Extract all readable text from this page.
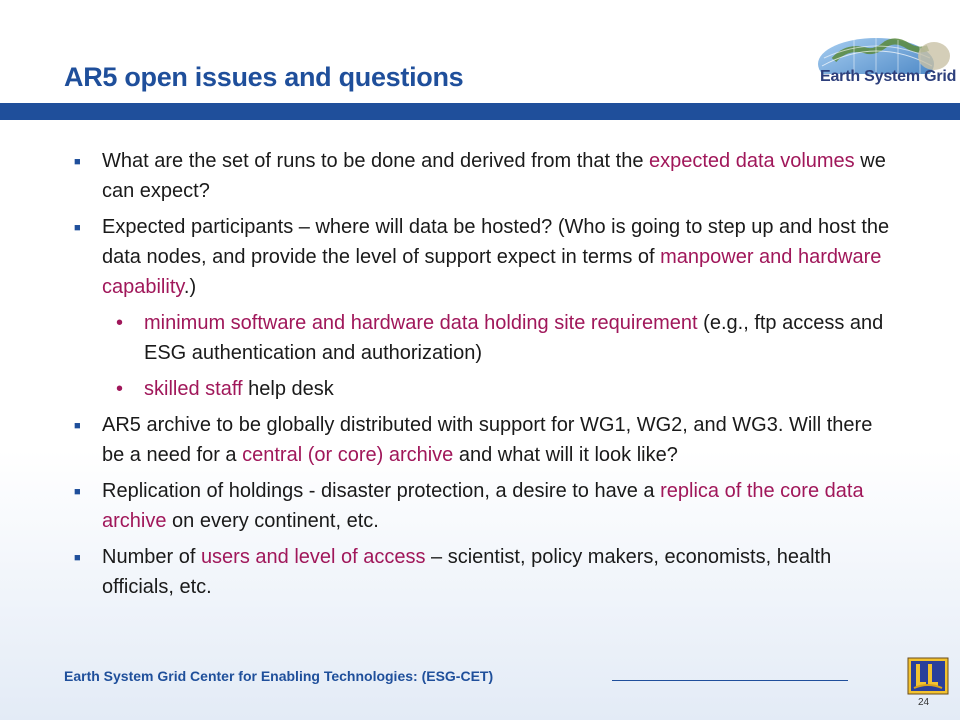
AR5 open issues and questions	Earth System Grid
■ What are the set of runs to be done and derived from that the expected data volumes we can expect?
■ Expected participants – where will data be hosted? (Who is going to step up and host the data nodes, and provide the level of support expect in terms of manpower and hardware capability.)
• minimum software and hardware data holding site requirement (e.g., ftp access and ESG authentication and authorization)
• skilled staff help desk
■ AR5 archive to be globally distributed with support for WG1, WG2, and WG3. Will there be a need for a central (or core) archive and what will it look like?
■ Replication of holdings - disaster protection, a desire to have a replica of the core data archive on every continent, etc.
■ Number of users and level of access – scientist, policy makers, economists, health officials, etc.
Earth System Grid Center for Enabling Technologies: (ESG-CET)
24
